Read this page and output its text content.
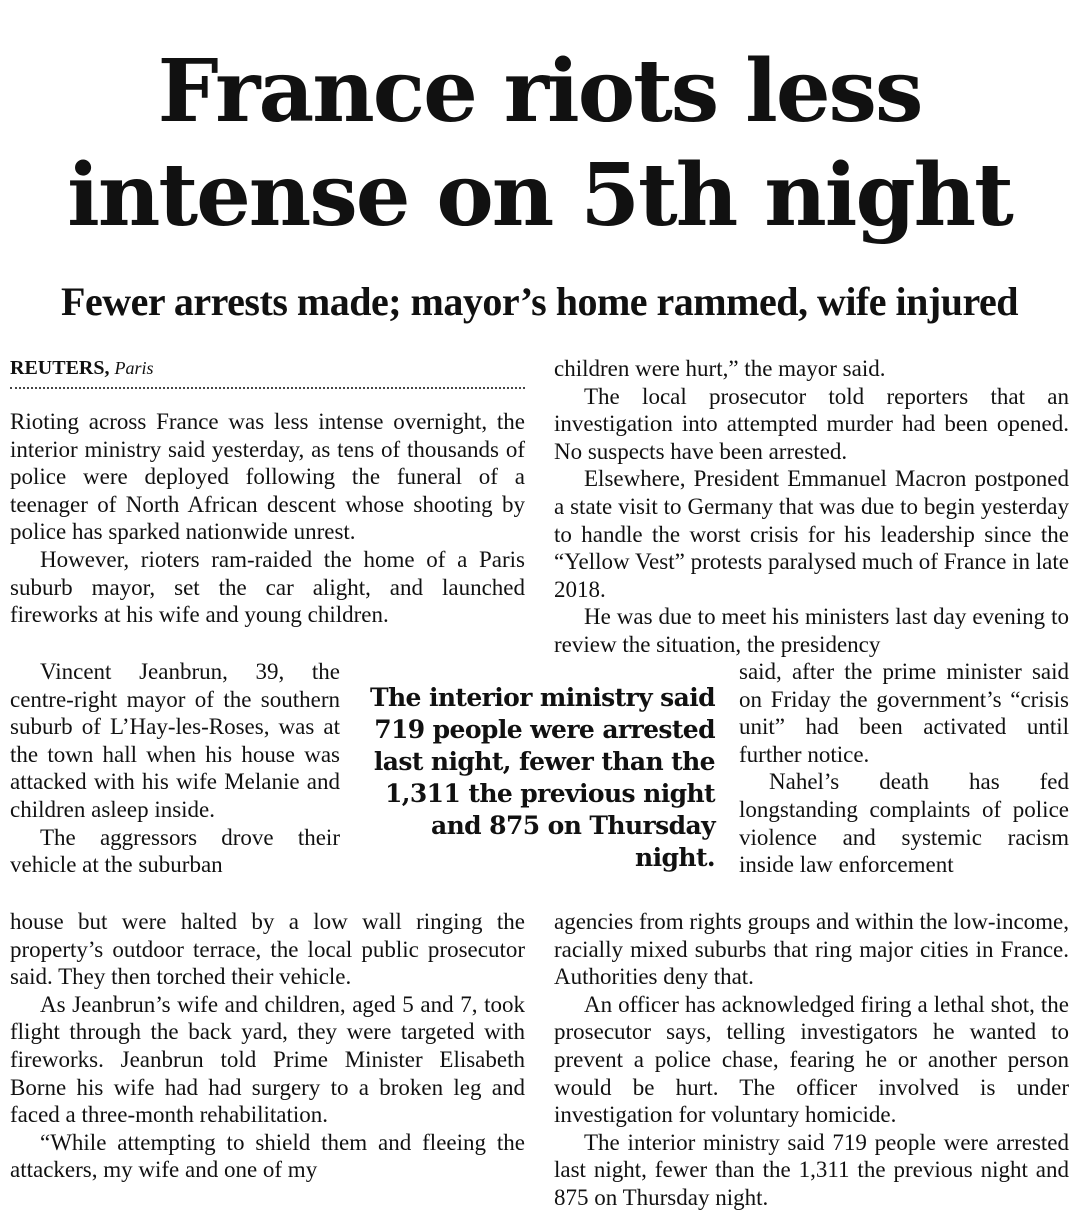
France riots less
intense on 5th night
Fewer arrests made; mayor’s home rammed, wife injured
REUTERS, Paris

Rioting across France was less intense overnight, the interior ministry said yesterday, as tens of thousands of police were deployed following the funeral of a teenager of North African descent whose shooting by police has sparked nationwide unrest.

However, rioters ram-raided the home of a Paris suburb mayor, set the car alight, and launched fireworks at his wife and young children.

Vincent Jeanbrun, 39, the centre-right mayor of the southern suburb of L’Hay-les-Roses, was at the town hall when his house was attacked with his wife Melanie and children asleep inside.

The aggressors drove their vehicle at the suburban

house but were halted by a low wall ringing the property’s outdoor terrace, the local public prosecutor said. They then torched their vehicle.

As Jeanbrun’s wife and children, aged 5 and 7, took flight through the back yard, they were targeted with fireworks. Jeanbrun told Prime Minister Elisabeth Borne his wife had had surgery to a broken leg and faced a three-month rehabilitation.

“While attempting to shield them and fleeing the attackers, my wife and one of my

The interior ministry said 719 people were arrested last night, fewer than the 1,311 the previous night and 875 on Thursday night.

children were hurt,” the mayor said.

The local prosecutor told reporters that an investigation into attempted murder had been opened. No suspects have been arrested.

Elsewhere, President Emmanuel Macron postponed a state visit to Germany that was due to begin yesterday to handle the worst crisis for his leadership since the “Yellow Vest” protests paralysed much of France in late 2018.

He was due to meet his ministers last day evening to review the situation, the presidency

said, after the prime minister said on Friday the government’s “crisis unit” had been activated until further notice.

Nahel’s death has fed longstanding complaints of police violence and systemic racism inside law enforcement

agencies from rights groups and within the low-income, racially mixed suburbs that ring major cities in France. Authorities deny that.

An officer has acknowledged firing a lethal shot, the prosecutor says, telling investigators he wanted to prevent a police chase, fearing he or another person would be hurt. The officer involved is under investigation for voluntary homicide.

The interior ministry said 719 people were arrested last night, fewer than the 1,311 the previous night and 875 on Thursday night.
